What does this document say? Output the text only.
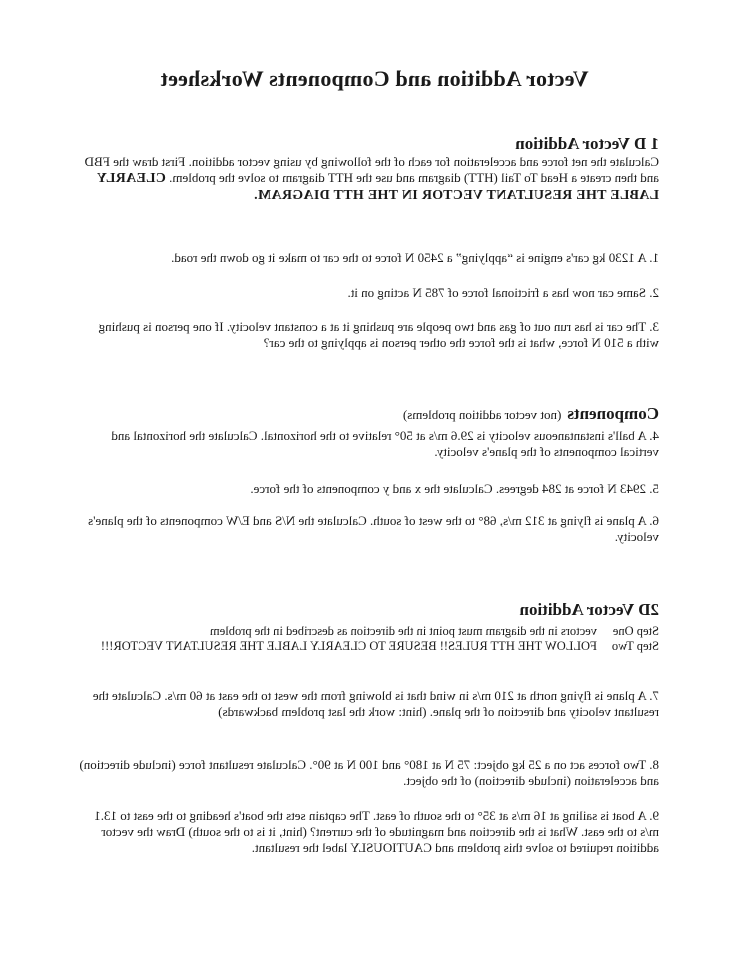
Vector Addition and Components Worksheet
1 D Vector Addition
Calculate the net force and acceleration for each of the following by using vector addition. First draw the FBD and then create a Head To Tail (HTT) diagram and use the HTT diagram to solve the problem. CLEARLY LABLE THE RESULTANT VECTOR IN THE HTT DIAGRAM.
1. A 1230 kg car's engine is “applying” a 2450 N force to the car to make it go down the road.
2. Same car now has a frictional force of 785 N acting on it.
3. The car is has run out of gas and two people are pushing it at a constant velocity. If one person is pushing with a 510 N force, what is the force the other person is applying to the car?
Components(not vector addition problems)
4. A ball's instantaneous velocity is 29.6 m/s at 50° relative to the horizontal. Calculate the horizontal and vertical components of the plane's velocity.
5. 2943 N force at 284 degrees. Calculate the x and y components of the force.
6. A plane is flying at 312 m/s, 68° to the west of south. Calculate the N/S and E/W components of the plane's velocity.
2D Vector Addition
Step One
vectors in the diagram must point in the direction as described in the problem
Step Two
FOLLOW THE HTT RULES!! BESURE TO CLEARLY LABLE THE RESULTANT VECTOR!!!
7. A plane is flying north at 210 m/s in wind that is blowing from the west to the east at 60 m/s. Calculate the resultant velocity and direction of the plane. (hint: work the last problem backwards)
8. Two forces act on a 25 kg object: 75 N at 180° and 100 N at 90°. Calculate resultant force (include direction) and acceleration (include direction) of the object.
9. A boat is sailing at 16 m/s at 35° to the south of east. The captain sets the boat's heading to the east to 13.1 m/s to the east. What is the direction and magnitude of the current? (hint, it is to the south) Draw the vector addition required to solve this problem and CAUTIOUSLY label the resultant.
